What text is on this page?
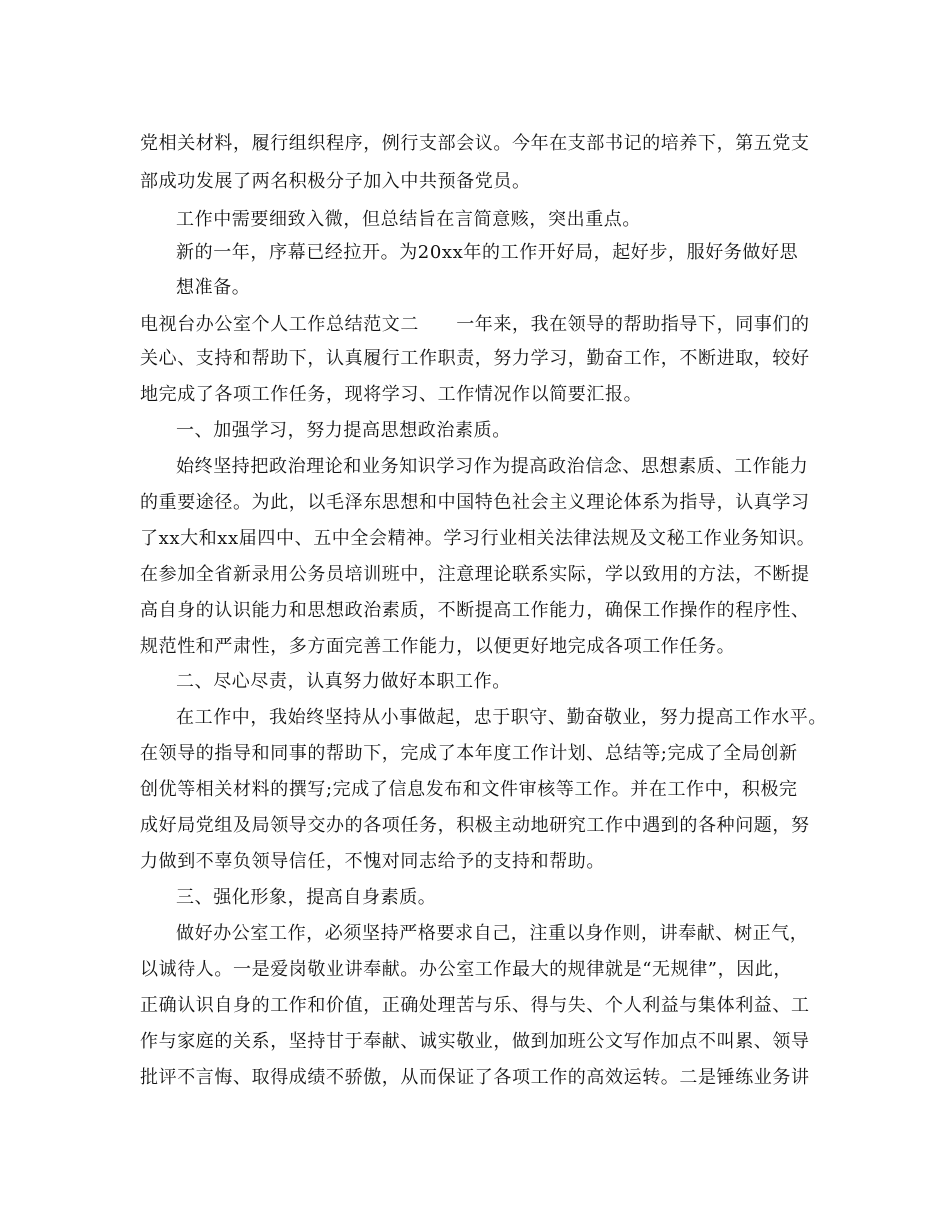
党相关材料，履行组织程序，例行支部会议。今年在支部书记的培养下，第五党支
部成功发展了两名积极分子加入中共预备党员。
工作中需要细致入微，但总结旨在言简意赅，突出重点。
新的一年，序幕已经拉开。为20xx年的工作开好局，起好步，服好务做好思
想准备。
电视台办公室个人工作总结范文二　　一年来，我在领导的帮助指导下，同事们的
关心、支持和帮助下，认真履行工作职责，努力学习，勤奋工作，不断进取，较好
地完成了各项工作任务，现将学习、工作情况作以简要汇报。
一、加强学习，努力提高思想政治素质。
始终坚持把政治理论和业务知识学习作为提高政治信念、思想素质、工作能力
的重要途径。为此，以毛泽东思想和中国特色社会主义理论体系为指导，认真学习
了xx大和xx届四中、五中全会精神。学习行业相关法律法规及文秘工作业务知识。
在参加全省新录用公务员培训班中，注意理论联系实际，学以致用的方法，不断提
高自身的认识能力和思想政治素质，不断提高工作能力，确保工作操作的程序性、
规范性和严肃性，多方面完善工作能力，以便更好地完成各项工作任务。
二、尽心尽责，认真努力做好本职工作。
在工作中，我始终坚持从小事做起，忠于职守、勤奋敬业，努力提高工作水平。
在领导的指导和同事的帮助下，完成了本年度工作计划、总结等;完成了全局创新
创优等相关材料的撰写;完成了信息发布和文件审核等工作。并在工作中，积极完
成好局党组及局领导交办的各项任务，积极主动地研究工作中遇到的各种问题，努
力做到不辜负领导信任，不愧对同志给予的支持和帮助。
三、强化形象，提高自身素质。
做好办公室工作，必须坚持严格要求自己，注重以身作则，讲奉献、树正气，
以诚待人。一是爱岗敬业讲奉献。办公室工作最大的规律就是“无规律”，因此，
正确认识自身的工作和价值，正确处理苦与乐、得与失、个人利益与集体利益、工
作与家庭的关系，坚持甘于奉献、诚实敬业，做到加班公文写作加点不叫累、领导
批评不言悔、取得成绩不骄傲，从而保证了各项工作的高效运转。二是锤练业务讲
